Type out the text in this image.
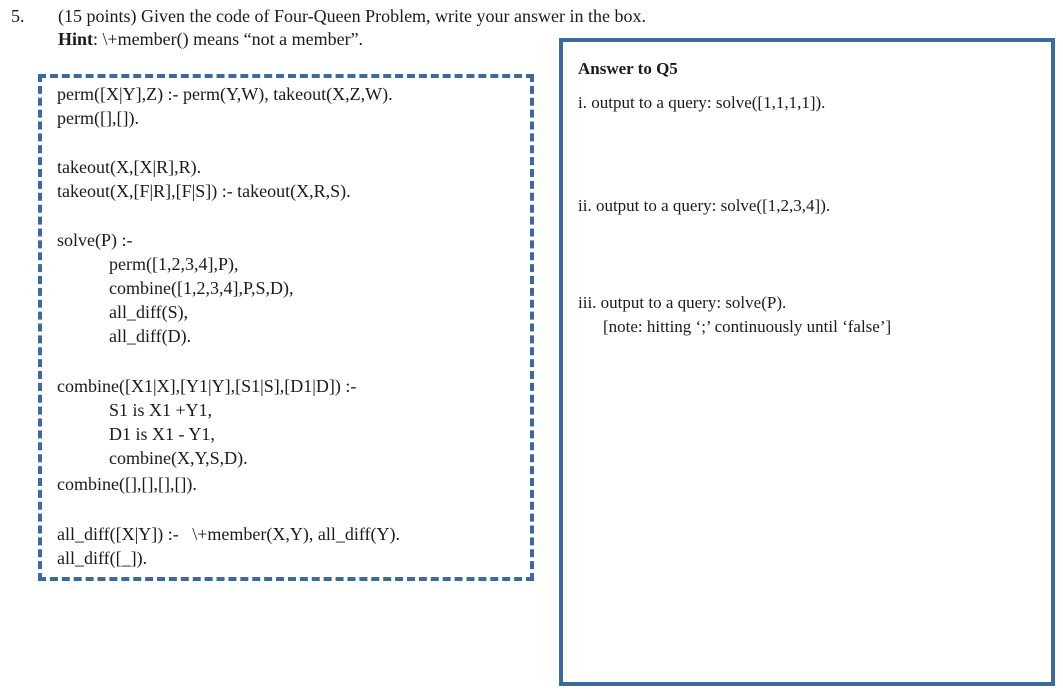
5. (15 points) Given the code of Four-Queen Problem, write your answer in the box.
Hint: \+member() means “not a member”.
perm([X|Y],Z) :- perm(Y,W), takeout(X,Z,W).
perm([],[]).
takeout(X,[X|R],R).
takeout(X,[F|R],[F|S]) :- takeout(X,R,S).
solve(P) :-
perm([1,2,3,4],P),
combine([1,2,3,4],P,S,D),
all_diff(S),
all_diff(D).
combine([X1|X],[Y1|Y],[S1|S],[D1|D]) :-
S1 is X1 +Y1,
D1 is X1 - Y1,
combine(X,Y,S,D).
combine([],[],[],[]).
all_diff([X|Y]) :-   \+member(X,Y), all_diff(Y).
all_diff([_]).
Answer to Q5
i. output to a query: solve([1,1,1,1]).
ii. output to a query: solve([1,2,3,4]).
iii. output to a query: solve(P).
[note: hitting ‘;’ continuously until ‘false’]
